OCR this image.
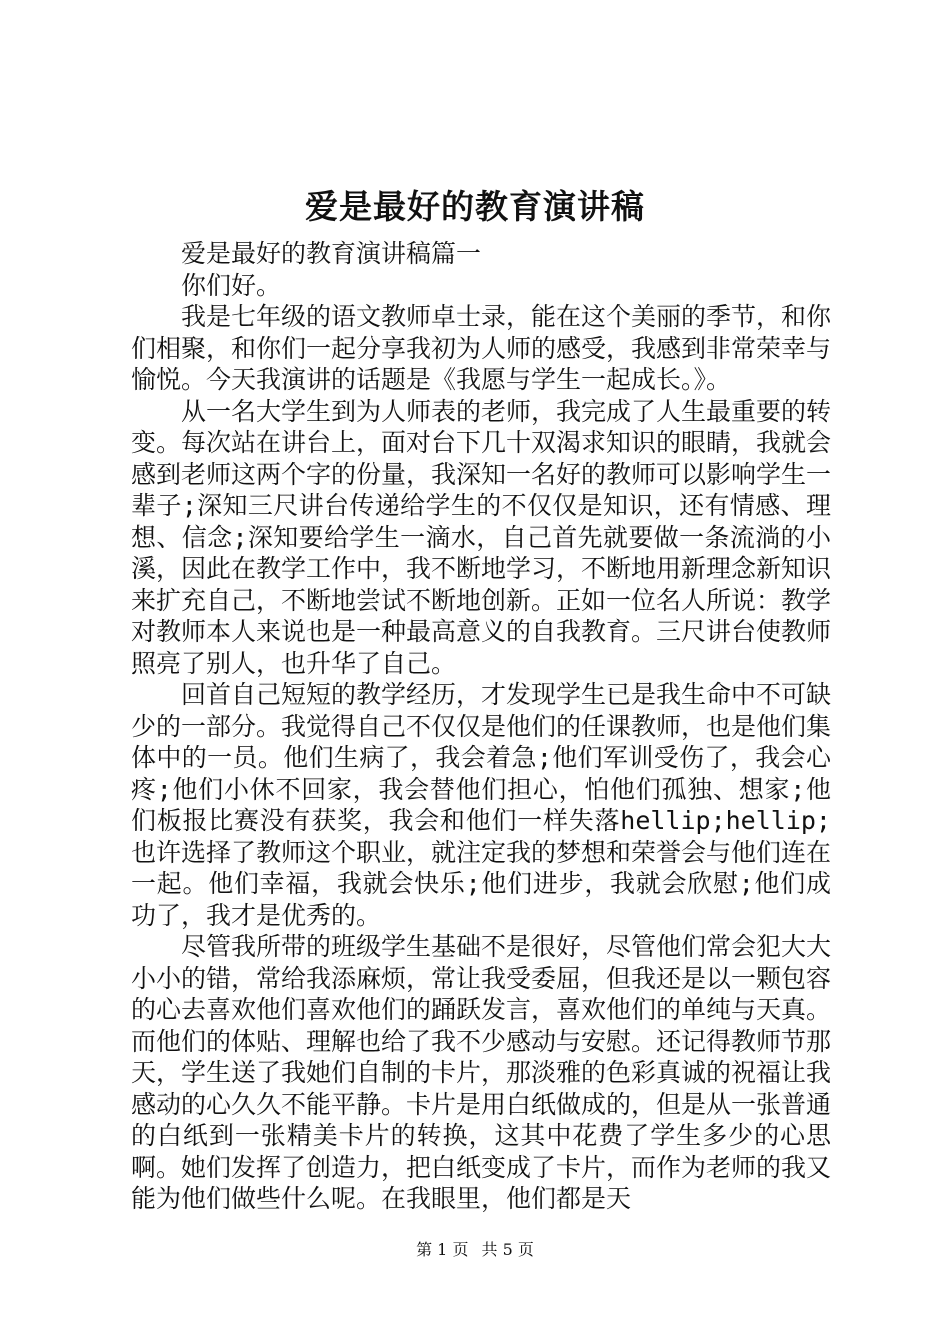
爱是最好的教育演讲稿

爱是最好的教育演讲稿篇一

你们好。

我是七年级的语文教师卓士录，能在这个美丽的季节，和你们相聚，和你们一起分享我初为人师的感受，我感到非常荣幸与愉悦。今天我演讲的话题是《我愿与学生一起成长。》。

从一名大学生到为人师表的老师，我完成了人生最重要的转变。每次站在讲台上，面对台下几十双渴求知识的眼睛，我就会感到老师这两个字的份量，我深知一名好的教师可以影响学生一辈子;深知三尺讲台传递给学生的不仅仅是知识，还有情感、理想、信念;深知要给学生一滴水，自己首先就要做一条流淌的小溪，因此在教学工作中，我不断地学习，不断地用新理念新知识来扩充自己，不断地尝试不断地创新。正如一位名人所说：教学对教师本人来说也是一种最高意义的自我教育。三尺讲台使教师照亮了别人，也升华了自己。

回首自己短短的教学经历，才发现学生已是我生命中不可缺少的一部分。我觉得自己不仅仅是他们的任课教师，也是他们集体中的一员。他们生病了，我会着急;他们军训受伤了，我会心疼;他们小休不回家，我会替他们担心，怕他们孤独、想家;他们板报比赛没有获奖，我会和他们一样失落hellip;hellip;也许选择了教师这个职业，就注定我的梦想和荣誉会与他们连在一起。他们幸福，我就会快乐;他们进步，我就会欣慰;他们成功了，我才是优秀的。

尽管我所带的班级学生基础不是很好，尽管他们常会犯大大小小的错，常给我添麻烦，常让我受委屈，但我还是以一颗包容的心去喜欢他们喜欢他们的踊跃发言，喜欢他们的单纯与天真。而他们的体贴、理解也给了我不少感动与安慰。还记得教师节那天，学生送了我她们自制的卡片，那淡雅的色彩真诚的祝福让我感动的心久久不能平静。卡片是用白纸做成的，但是从一张普通的白纸到一张精美卡片的转换，这其中花费了学生多少的心思啊。她们发挥了创造力，把白纸变成了卡片，而作为老师的我又能为他们做些什么呢。在我眼里，他们都是天

第 1 页 共 5 页
